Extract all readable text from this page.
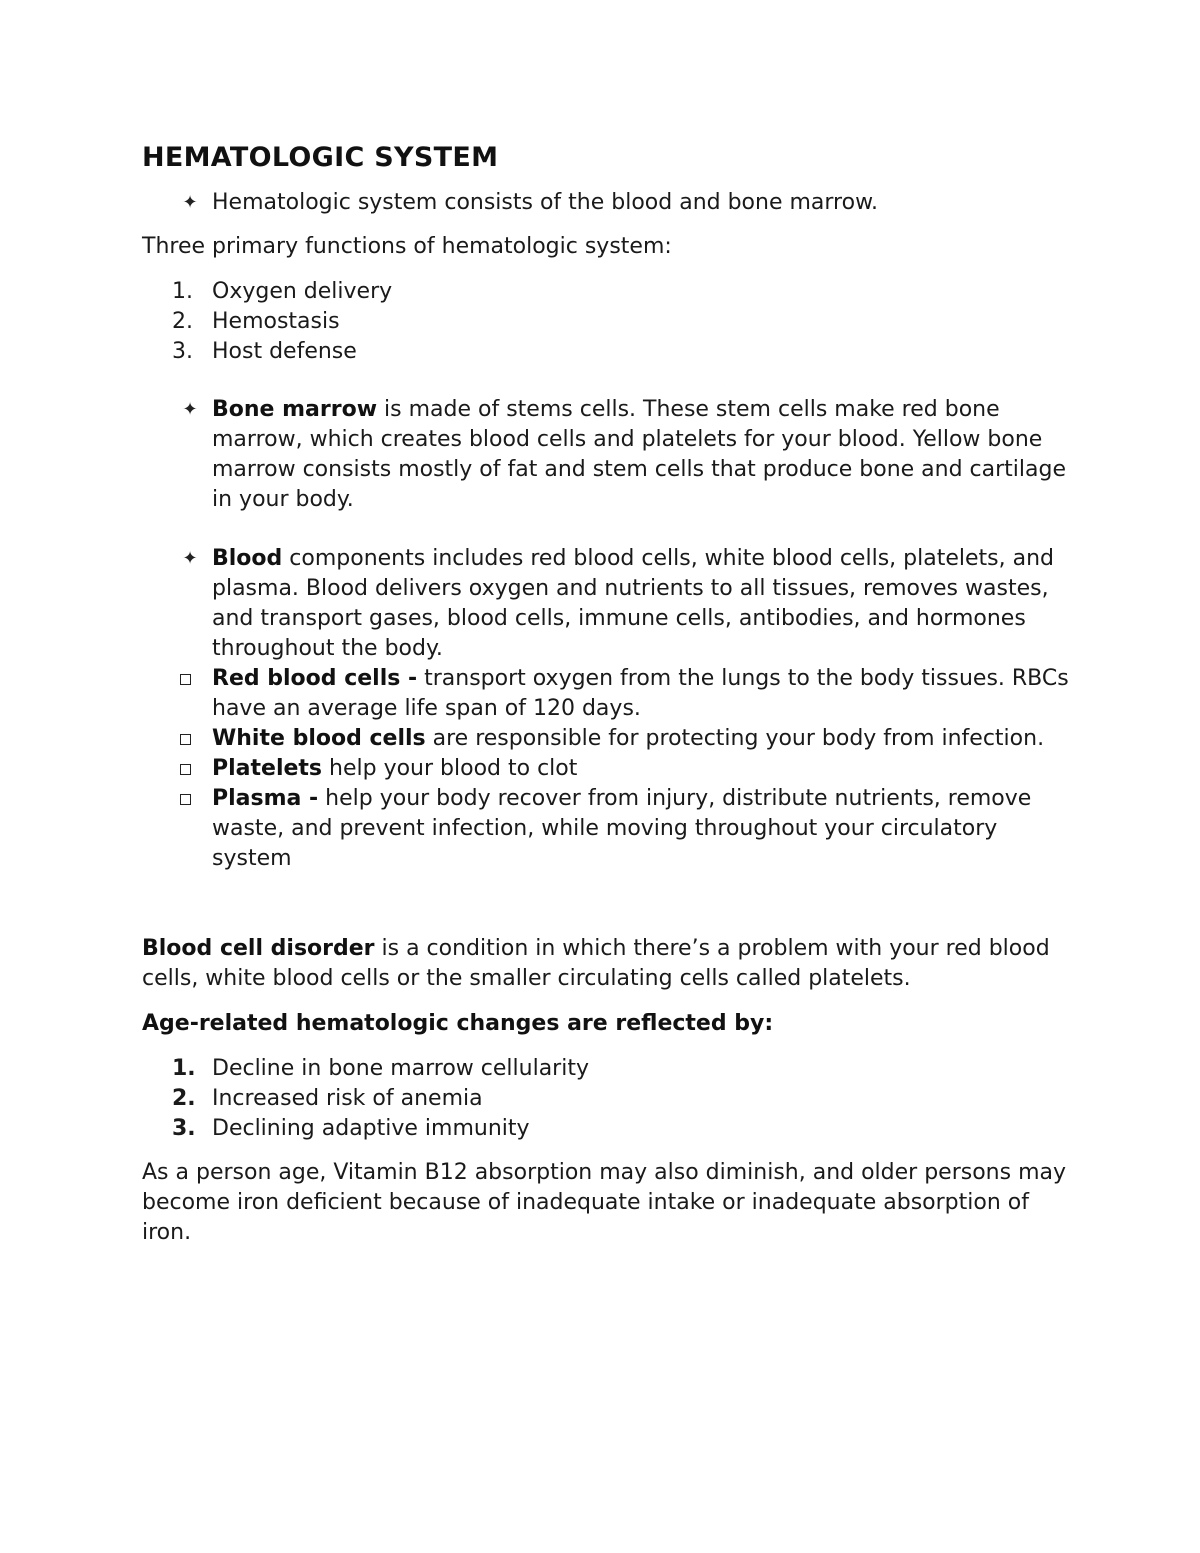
HEMATOLOGIC SYSTEM
✦ Hematologic system consists of the blood and bone marrow.

Three primary functions of hematologic system:

1. Oxygen delivery

2. Hemostasis

3. Host defense

✦ Bone marrow is made of stems cells. These stem cells make red bone marrow, which creates blood cells and platelets for your blood. Yellow bone marrow consists mostly of fat and stem cells that produce bone and cartilage in your body.

✦ Blood components includes red blood cells, white blood cells, platelets, and plasma. Blood delivers oxygen and nutrients to all tissues, removes wastes, and transport gases, blood cells, immune cells, antibodies, and hormones throughout the body.

Red blood cells - transport oxygen from the lungs to the body tissues. RBCs have an average life span of 120 days.

White blood cells are responsible for protecting your body from infection.

Platelets help your blood to clot

Plasma - help your body recover from injury, distribute nutrients, remove waste, and prevent infection, while moving throughout your circulatory system

Blood cell disorder is a condition in which there’s a problem with your red blood cells, white blood cells or the smaller circulating cells called platelets.

Age-related hematologic changes are reflected by:

1. Decline in bone marrow cellularity

2. Increased risk of anemia

3. Declining adaptive immunity

As a person age, Vitamin B12 absorption may also diminish, and older persons may become iron deficient because of inadequate intake or inadequate absorption of iron.
